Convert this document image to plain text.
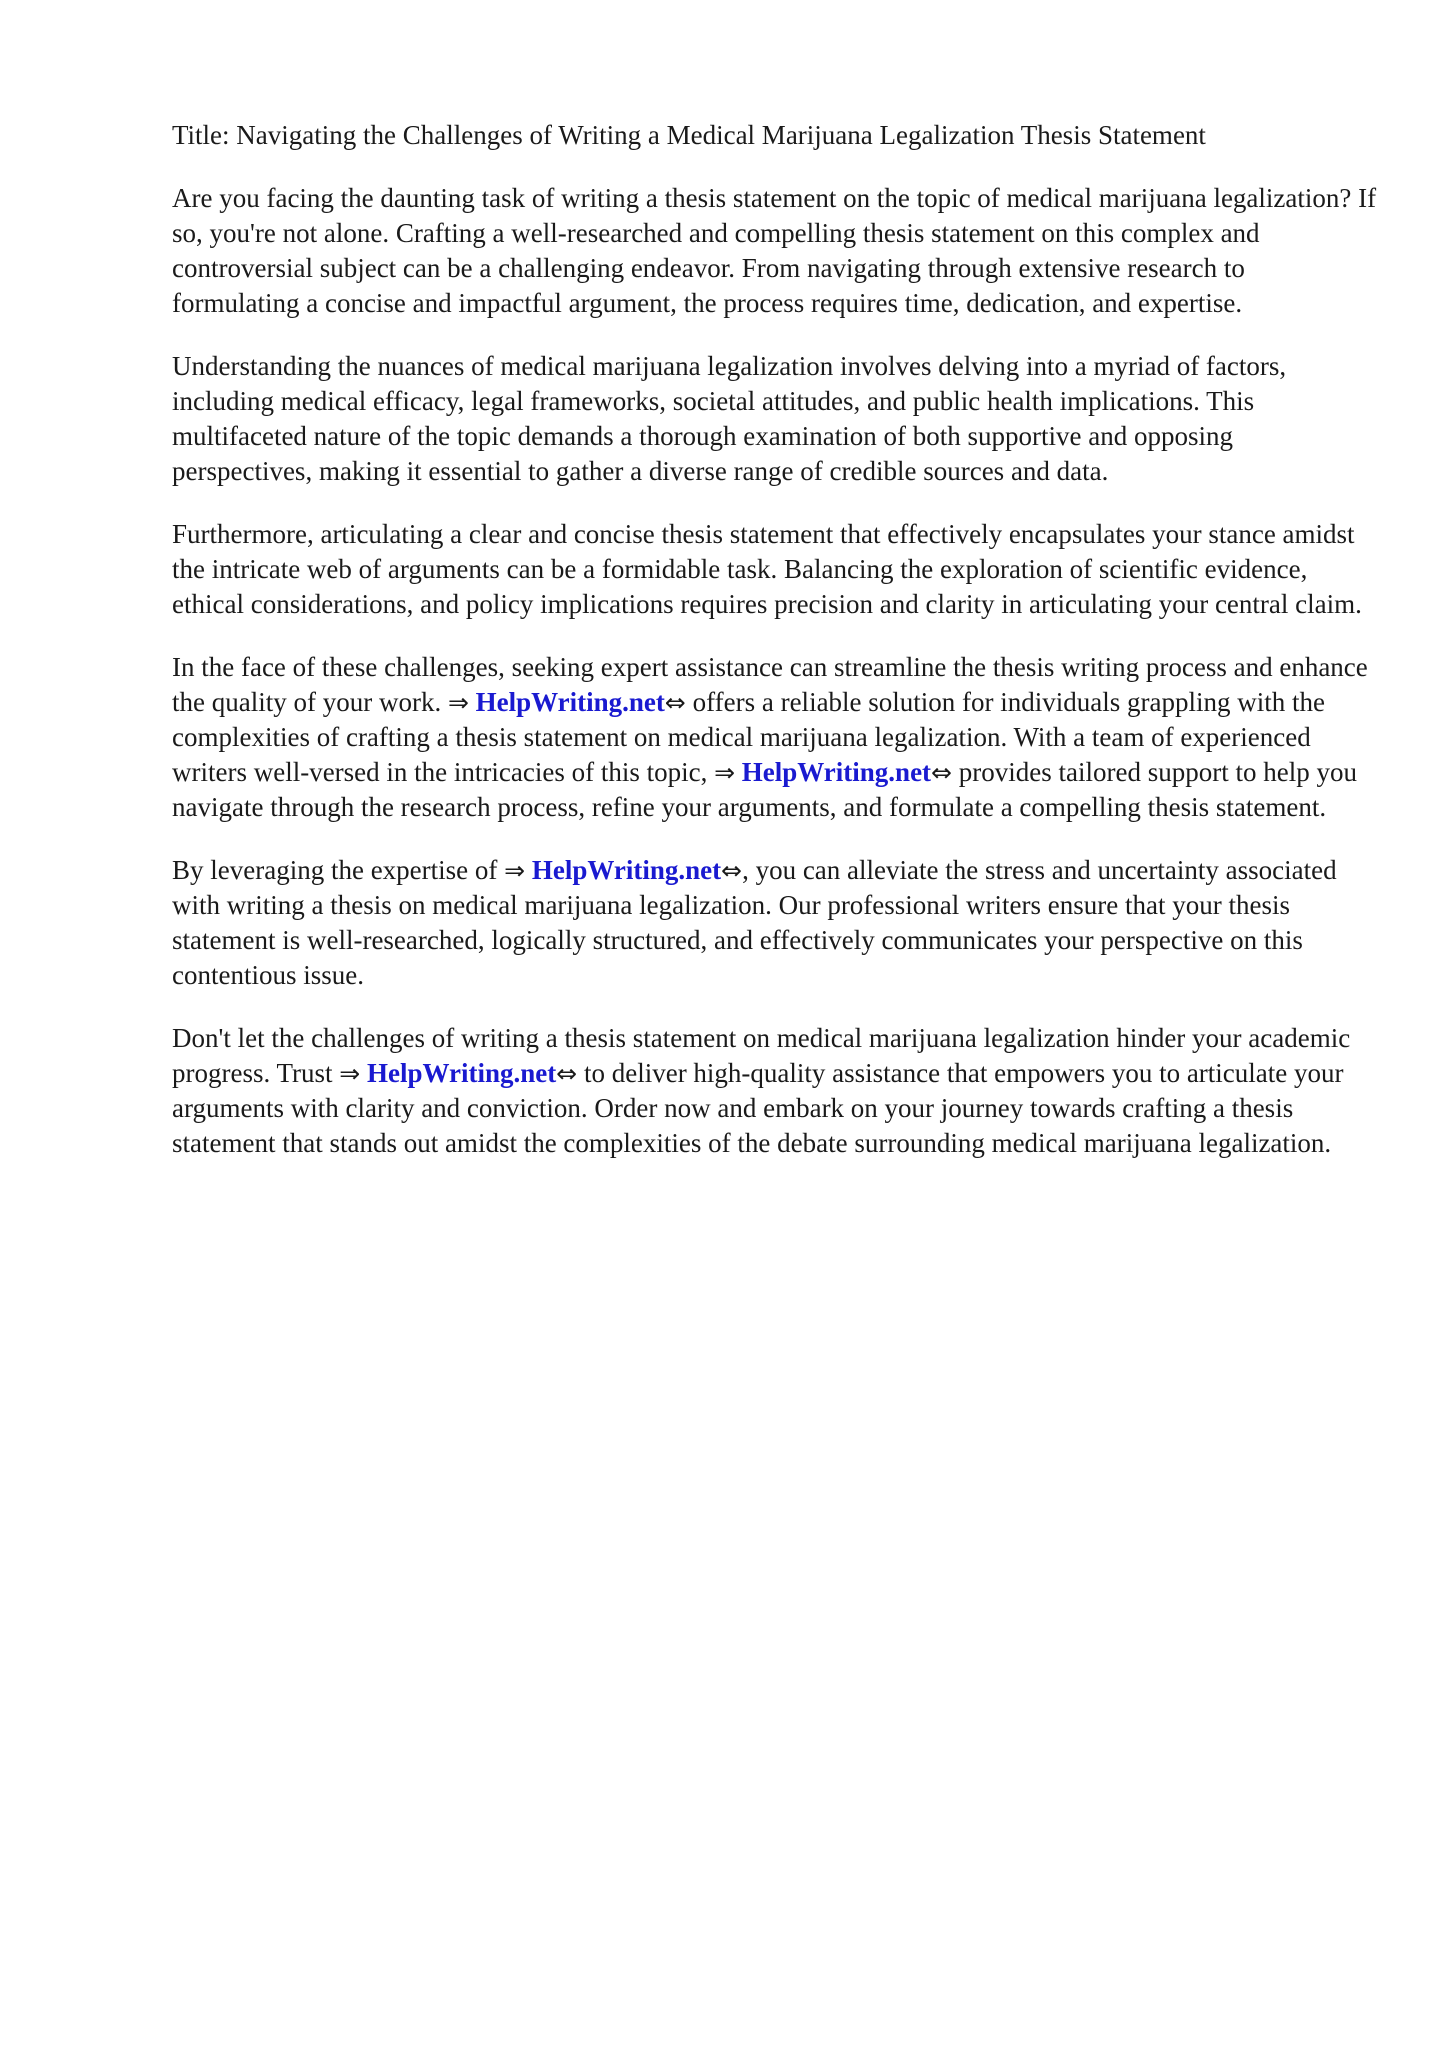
Title: Navigating the Challenges of Writing a Medical Marijuana Legalization Thesis Statement

Are you facing the daunting task of writing a thesis statement on the topic of medical marijuana legalization? If so, you're not alone. Crafting a well-researched and compelling thesis statement on this complex and controversial subject can be a challenging endeavor. From navigating through extensive research to formulating a concise and impactful argument, the process requires time, dedication, and expertise.

Understanding the nuances of medical marijuana legalization involves delving into a myriad of factors, including medical efficacy, legal frameworks, societal attitudes, and public health implications. This multifaceted nature of the topic demands a thorough examination of both supportive and opposing perspectives, making it essential to gather a diverse range of credible sources and data.

Furthermore, articulating a clear and concise thesis statement that effectively encapsulates your stance amidst the intricate web of arguments can be a formidable task. Balancing the exploration of scientific evidence, ethical considerations, and policy implications requires precision and clarity in articulating your central claim.

In the face of these challenges, seeking expert assistance can streamline the thesis writing process and enhance the quality of your work. ⇒ HelpWriting.net⇔ offers a reliable solution for individuals grappling with the complexities of crafting a thesis statement on medical marijuana legalization. With a team of experienced writers well-versed in the intricacies of this topic, ⇒ HelpWriting.net⇔ provides tailored support to help you navigate through the research process, refine your arguments, and formulate a compelling thesis statement.

By leveraging the expertise of ⇒ HelpWriting.net⇔, you can alleviate the stress and uncertainty associated with writing a thesis on medical marijuana legalization. Our professional writers ensure that your thesis statement is well-researched, logically structured, and effectively communicates your perspective on this contentious issue.

Don't let the challenges of writing a thesis statement on medical marijuana legalization hinder your academic progress. Trust ⇒ HelpWriting.net⇔ to deliver high-quality assistance that empowers you to articulate your arguments with clarity and conviction. Order now and embark on your journey towards crafting a thesis statement that stands out amidst the complexities of the debate surrounding medical marijuana legalization.
